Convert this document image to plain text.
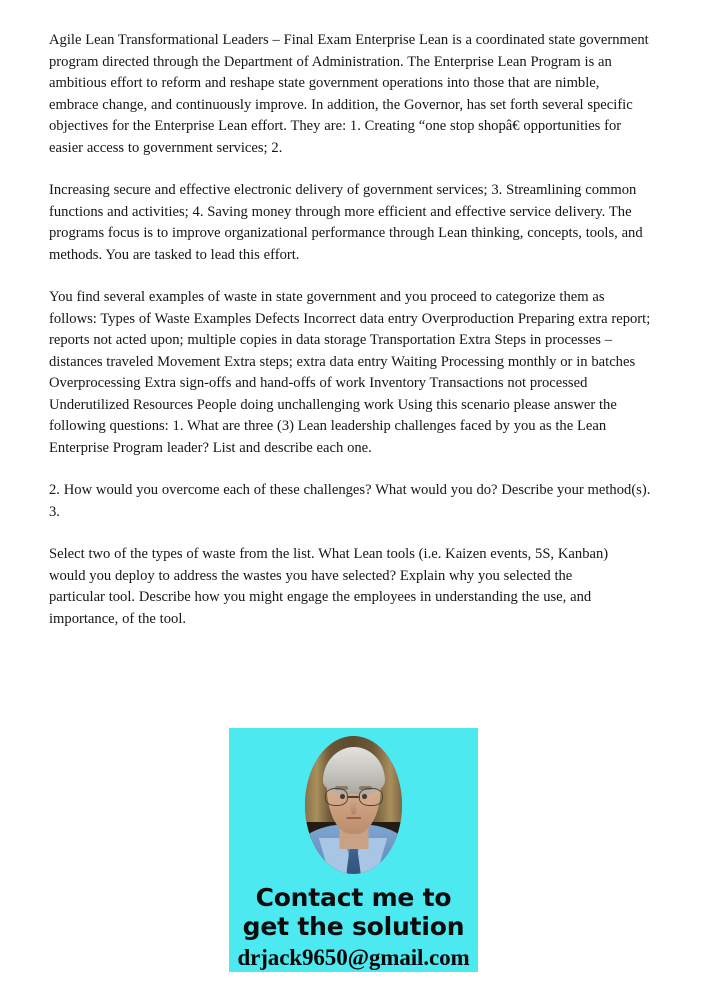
Agile Lean Transformational Leaders – Final Exam Enterprise Lean is a coordinated state government program directed through the Department of Administration. The Enterprise Lean Program is an ambitious effort to reform and reshape state government operations into those that are nimble, embrace change, and continuously improve. In addition, the Governor, has set forth several specific objectives for the Enterprise Lean effort. They are: 1. Creating “one stop shopâ€ opportunities for easier access to government services; 2.

Increasing secure and effective electronic delivery of government services; 3. Streamlining common functions and activities; 4. Saving money through more efficient and effective service delivery. The programs focus is to improve organizational performance through Lean thinking, concepts, tools, and methods. You are tasked to lead this effort.

You find several examples of waste in state government and you proceed to categorize them as follows: Types of Waste Examples Defects Incorrect data entry Overproduction Preparing extra report; reports not acted upon; multiple copies in data storage Transportation Extra Steps in processes – distances traveled Movement Extra steps; extra data entry Waiting Processing monthly or in batches Overprocessing Extra sign-offs and hand-offs of work Inventory Transactions not processed Underutilized Resources People doing unchallenging work Using this scenario please answer the following questions: 1. What are three (3) Lean leadership challenges faced by you as the Lean Enterprise Program leader? List and describe each one.

2. How would you overcome each of these challenges? What would you do? Describe your method(s). 3.

Select two of the types of waste from the list. What Lean tools (i.e. Kaizen events, 5S, Kanban) would you deploy to address the wastes you have selected? Explain why you selected the particular tool. Describe how you might engage the employees in understanding the use, and importance, of the tool.

Contact me to
get the solution
drjack9650@gmail.com
